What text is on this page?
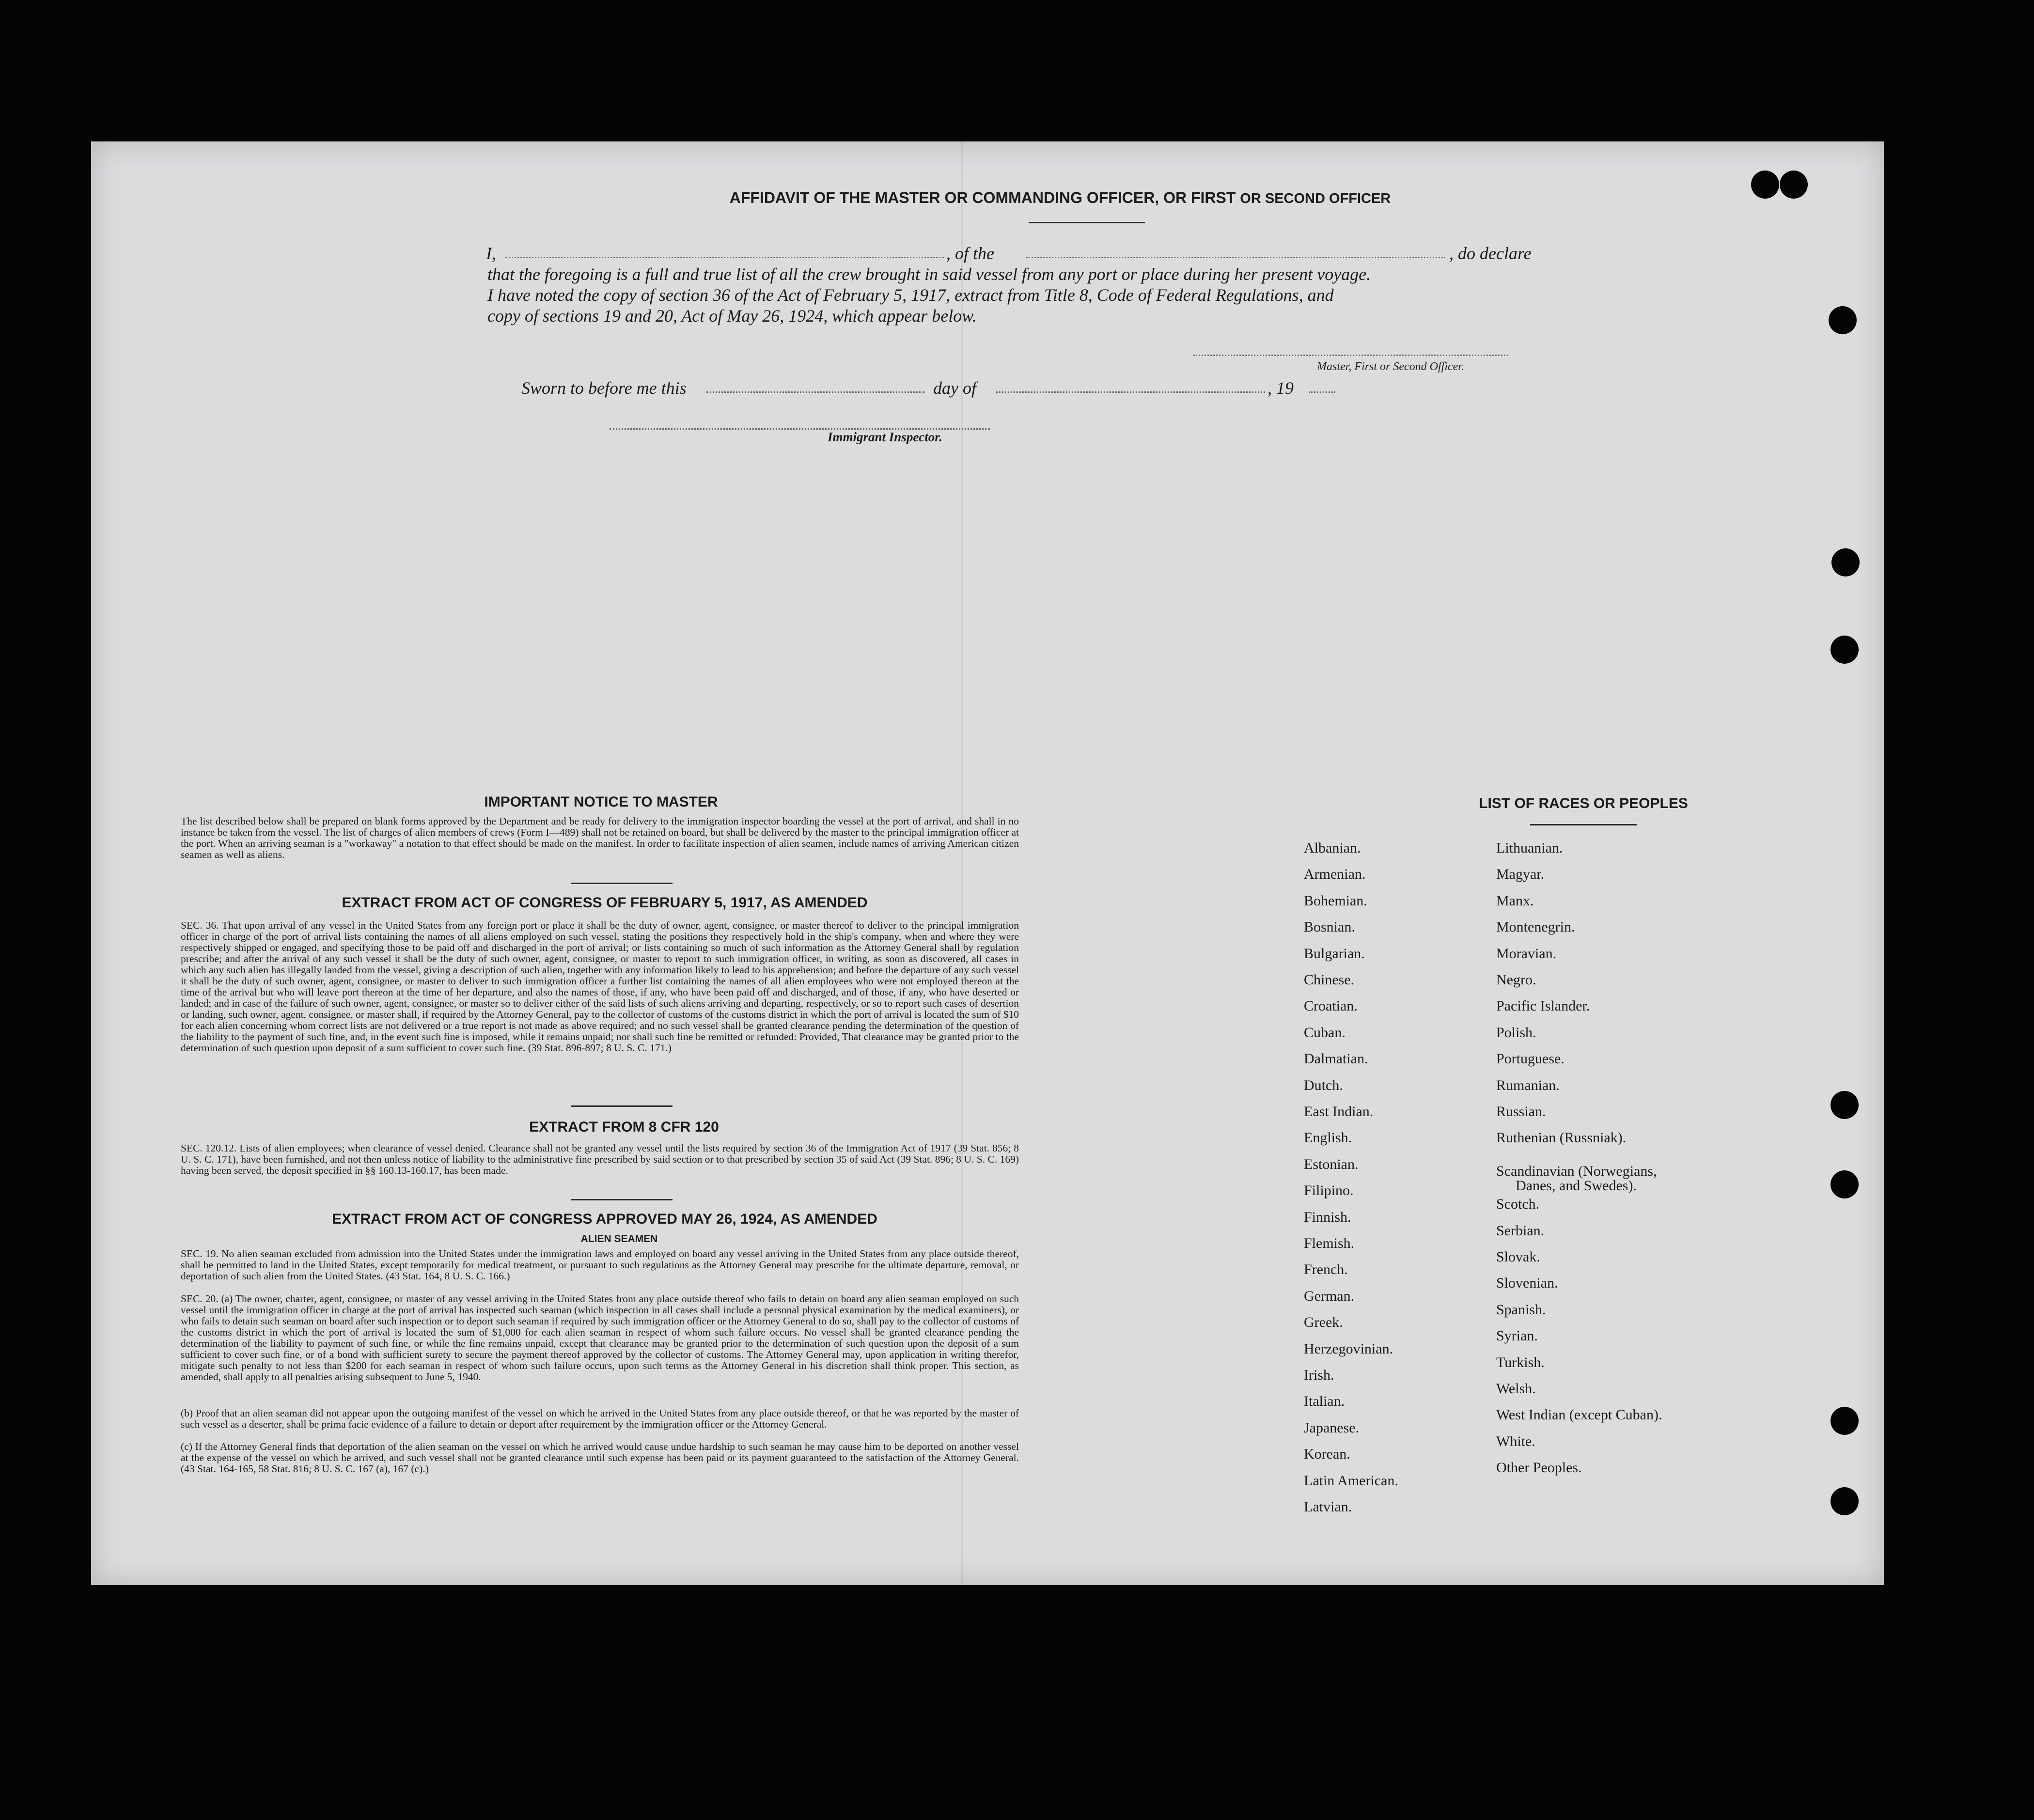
AFFIDAVIT OF THE MASTER OR COMMANDING OFFICER, OR FIRST OR SECOND OFFICER
I,	, of the	, do declare
that the foregoing is a full and true list of all the crew brought in said vessel from any port or place during her present voyage.
I have noted the copy of section 36 of the Act of February 5, 1917, extract from Title 8, Code of Federal Regulations, and
copy of sections 19 and 20, Act of May 26, 1924, which appear below.
Master, First or Second Officer.
Sworn to before me this	day of	, 19
Immigrant Inspector.
IMPORTANT NOTICE TO MASTER
The list described below shall be prepared on blank forms approved by the Department and be ready for delivery to the immigration inspector boarding the vessel at the port of arrival, and shall in no instance be taken from the vessel. The list of charges of alien members of crews (Form I—489) shall not be retained on board, but shall be delivered by the master to the principal immigration officer at the port. When an arriving seaman is a "workaway" a notation to that effect should be made on the manifest. In order to facilitate inspection of alien seamen, include names of arriving American citizen seamen as well as aliens.
EXTRACT FROM ACT OF CONGRESS OF FEBRUARY 5, 1917, AS AMENDED
SEC. 36. That upon arrival of any vessel in the United States from any foreign port or place it shall be the duty of owner, agent, consignee, or master thereof to deliver to the principal immigration officer in charge of the port of arrival lists containing the names of all aliens employed on such vessel, stating the positions they respectively hold in the ship's company, when and where they were respectively shipped or engaged, and specifying those to be paid off and discharged in the port of arrival; or lists containing so much of such information as the Attorney General shall by regulation prescribe; and after the arrival of any such vessel it shall be the duty of such owner, agent, consignee, or master to report to such immigration officer, in writing, as soon as discovered, all cases in which any such alien has illegally landed from the vessel, giving a description of such alien, together with any information likely to lead to his apprehension; and before the departure of any such vessel it shall be the duty of such owner, agent, consignee, or master to deliver to such immigration officer a further list containing the names of all alien employees who were not employed thereon at the time of the arrival but who will leave port thereon at the time of her departure, and also the names of those, if any, who have been paid off and discharged, and of those, if any, who have deserted or landed; and in case of the failure of such owner, agent, consignee, or master so to deliver either of the said lists of such aliens arriving and departing, respectively, or so to report such cases of desertion or landing, such owner, agent, consignee, or master shall, if required by the Attorney General, pay to the collector of customs of the customs district in which the port of arrival is located the sum of $10 for each alien concerning whom correct lists are not delivered or a true report is not made as above required; and no such vessel shall be granted clearance pending the determination of the question of the liability to the payment of such fine, and, in the event such fine is imposed, while it remains unpaid; nor shall such fine be remitted or refunded: Provided, That clearance may be granted prior to the determination of such question upon deposit of a sum sufficient to cover such fine. (39 Stat. 896-897; 8 U. S. C. 171.)
EXTRACT FROM 8 CFR 120
SEC. 120.12. Lists of alien employees; when clearance of vessel denied. Clearance shall not be granted any vessel until the lists required by section 36 of the Immigration Act of 1917 (39 Stat. 856; 8 U. S. C. 171), have been furnished, and not then unless notice of liability to the administrative fine prescribed by said section or to that prescribed by section 35 of said Act (39 Stat. 896; 8 U. S. C. 169) having been served, the deposit specified in §§ 160.13-160.17, has been made.
EXTRACT FROM ACT OF CONGRESS APPROVED MAY 26, 1924, AS AMENDED
ALIEN SEAMEN
SEC. 19. No alien seaman excluded from admission into the United States under the immigration laws and employed on board any vessel arriving in the United States from any place outside thereof, shall be permitted to land in the United States, except temporarily for medical treatment, or pursuant to such regulations as the Attorney General may prescribe for the ultimate departure, removal, or deportation of such alien from the United States. (43 Stat. 164, 8 U. S. C. 166.)
SEC. 20. (a) The owner, charter, agent, consignee, or master of any vessel arriving in the United States from any place outside thereof who fails to detain on board any alien seaman employed on such vessel until the immigration officer in charge at the port of arrival has inspected such seaman (which inspection in all cases shall include a personal physical examination by the medical examiners), or who fails to detain such seaman on board after such inspection or to deport such seaman if required by such immigration officer or the Attorney General to do so, shall pay to the collector of customs of the customs district in which the port of arrival is located the sum of $1,000 for each alien seaman in respect of whom such failure occurs. No vessel shall be granted clearance pending the determination of the liability to payment of such fine, or while the fine remains unpaid, except that clearance may be granted prior to the determination of such question upon the deposit of a sum sufficient to cover such fine, or of a bond with sufficient surety to secure the payment thereof approved by the collector of customs. The Attorney General may, upon application in writing therefor, mitigate such penalty to not less than $200 for each seaman in respect of whom such failure occurs, upon such terms as the Attorney General in his discretion shall think proper. This section, as amended, shall apply to all penalties arising subsequent to June 5, 1940.
(b) Proof that an alien seaman did not appear upon the outgoing manifest of the vessel on which he arrived in the United States from any place outside thereof, or that he was reported by the master of such vessel as a deserter, shall be prima facie evidence of a failure to detain or deport after requirement by the immigration officer or the Attorney General.
(c) If the Attorney General finds that deportation of the alien seaman on the vessel on which he arrived would cause undue hardship to such seaman he may cause him to be deported on another vessel at the expense of the vessel on which he arrived, and such vessel shall not be granted clearance until such expense has been paid or its payment guaranteed to the satisfaction of the Attorney General. (43 Stat. 164-165, 58 Stat. 816; 8 U. S. C. 167 (a), 167 (c).)
LIST OF RACES OR PEOPLES
Albanian.
Armenian.
Bohemian.
Bosnian.
Bulgarian.
Chinese.
Croatian.
Cuban.
Dalmatian.
Dutch.
East Indian.
English.
Estonian.
Filipino.
Finnish.
Flemish.
French.
German.
Greek.
Herzegovinian.
Irish.
Italian.
Japanese.
Korean.
Latin American.
Latvian.
Lithuanian.
Magyar.
Manx.
Montenegrin.
Moravian.
Negro.
Pacific Islander.
Polish.
Portuguese.
Rumanian.
Russian.
Ruthenian (Russniak).
Scandinavian (Norwegians,
Danes, and Swedes).
Scotch.
Serbian.
Slovak.
Slovenian.
Spanish.
Syrian.
Turkish.
Welsh.
West Indian (except Cuban).
White.
Other Peoples.
